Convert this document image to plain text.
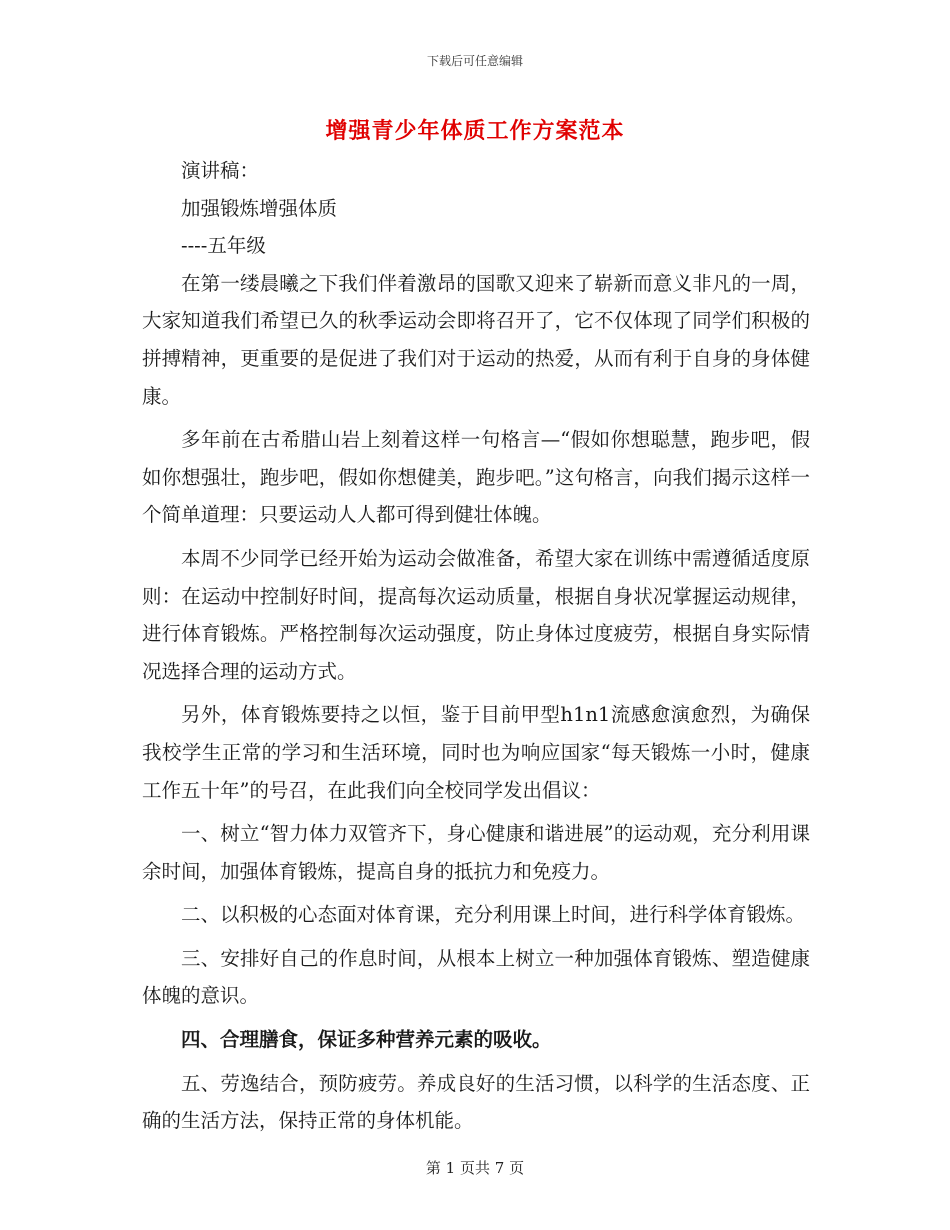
下载后可任意编辑
增强青少年体质工作方案范本

演讲稿：

加强锻炼增强体质

----五年级

在第一缕晨曦之下我们伴着激昂的国歌又迎来了崭新而意义非凡的一周，大家知道我们希望已久的秋季运动会即将召开了，它不仅体现了同学们积极的拼搏精神，更重要的是促进了我们对于运动的热爱，从而有利于自身的身体健康。

多年前在古希腊山岩上刻着这样一句格言—“假如你想聪慧，跑步吧，假如你想强壮，跑步吧，假如你想健美，跑步吧。”这句格言，向我们揭示这样一个简单道理：只要运动人人都可得到健壮体魄。

本周不少同学已经开始为运动会做准备，希望大家在训练中需遵循适度原则：在运动中控制好时间，提高每次运动质量，根据自身状况掌握运动规律，进行体育锻炼。严格控制每次运动强度，防止身体过度疲劳，根据自身实际情况选择合理的运动方式。

另外，体育锻炼要持之以恒，鉴于目前甲型h1n1流感愈演愈烈，为确保我校学生正常的学习和生活环境，同时也为响应国家“每天锻炼一小时，健康工作五十年”的号召，在此我们向全校同学发出倡议：

一、树立“智力体力双管齐下，身心健康和谐进展”的运动观，充分利用课余时间，加强体育锻炼，提高自身的抵抗力和免疫力。

二、以积极的心态面对体育课，充分利用课上时间，进行科学体育锻炼。

三、安排好自己的作息时间，从根本上树立一种加强体育锻炼、塑造健康体魄的意识。

四、合理膳食，保证多种营养元素的吸收。

五、劳逸结合，预防疲劳。养成良好的生活习惯，以科学的生活态度、正确的生活方法，保持正常的身体机能。

第 1 页共 7 页
